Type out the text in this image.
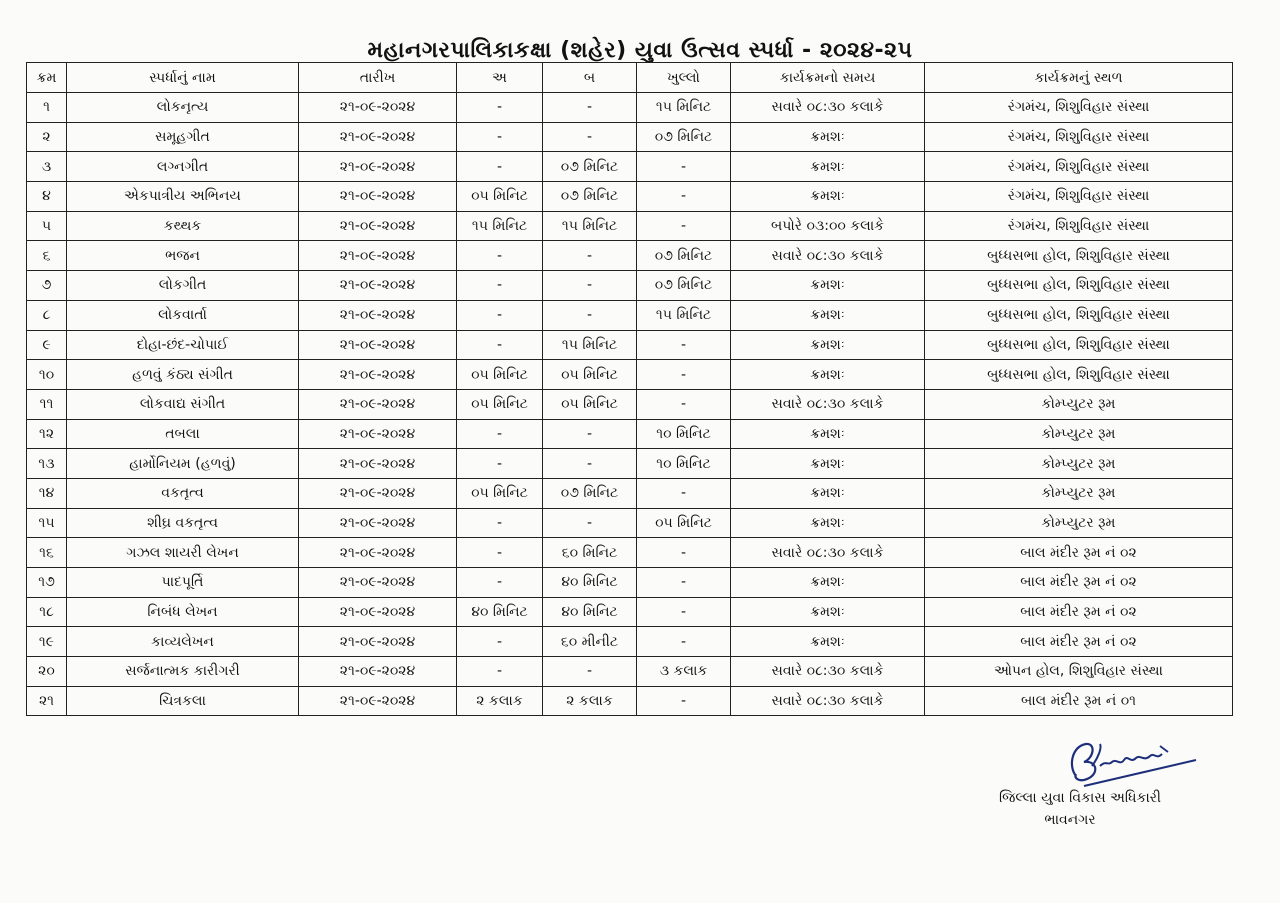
મહાનગરપાલિકાકક્ષા (શહેર) યુવા ઉત્સવ સ્પર્ધા - ૨૦૨૪-૨૫
ક્રમ	સ્પર્ધાનું નામ	તારીખ	અ	બ	ખુલ્લો	કાર્યક્રમનો સમય	કાર્યક્રમનું સ્થળ
૧	લોકનૃત્ય	૨૧-૦૯-૨૦૨૪	-	-	૧૫ મિનિટ	સવારે ૦૮:૩૦ કલાકે	રંગમંચ, શિશુવિહાર સંસ્થા
૨	સમૂહગીત	૨૧-૦૯-૨૦૨૪	-	-	૦૭ મિનિટ	ક્રમશઃ	રંગમંચ, શિશુવિહાર સંસ્થા
૩	લગ્નગીત	૨૧-૦૯-૨૦૨૪	-	૦૭ મિનિટ	-	ક્રમશઃ	રંગમંચ, શિશુવિહાર સંસ્થા
૪	એકપાત્રીય અભિનય	૨૧-૦૯-૨૦૨૪	૦૫ મિનિટ	૦૭ મિનિટ	-	ક્રમશઃ	રંગમંચ, શિશુવિહાર સંસ્થા
૫	કથ્થક	૨૧-૦૯-૨૦૨૪	૧૫ મિનિટ	૧૫ મિનિટ	-	બપોરે ૦૩:૦૦ કલાકે	રંગમંચ, શિશુવિહાર સંસ્થા
૬	ભજન	૨૧-૦૯-૨૦૨૪	-	-	૦૭ મિનિટ	સવારે ૦૮:૩૦ કલાકે	બુધ્ધસભા હોલ, શિશુવિહાર સંસ્થા
૭	લોકગીત	૨૧-૦૯-૨૦૨૪	-	-	૦૭ મિનિટ	ક્રમશઃ	બુધ્ધસભા હોલ, શિશુવિહાર સંસ્થા
૮	લોકવાર્તા	૨૧-૦૯-૨૦૨૪	-	-	૧૫ મિનિટ	ક્રમશઃ	બુધ્ધસભા હોલ, શિશુવિહાર સંસ્થા
૯	દોહા-છંદ-ચોપાઈ	૨૧-૦૯-૨૦૨૪	-	૧૫ મિનિટ	-	ક્રમશઃ	બુધ્ધસભા હોલ, શિશુવિહાર સંસ્થા
૧૦	હળવું કંઠ્ય સંગીત	૨૧-૦૯-૨૦૨૪	૦૫ મિનિટ	૦૫ મિનિટ	-	ક્રમશઃ	બુધ્ધસભા હોલ, શિશુવિહાર સંસ્થા
૧૧	લોકવાદ્ય સંગીત	૨૧-૦૯-૨૦૨૪	૦૫ મિનિટ	૦૫ મિનિટ	-	સવારે ૦૮:૩૦ કલાકે	કોમ્પ્યુટર રૂમ
૧૨	તબલા	૨૧-૦૯-૨૦૨૪	-	-	૧૦ મિનિટ	ક્રમશઃ	કોમ્પ્યુટર રૂમ
૧૩	હાર્મોનિયમ (હળવું)	૨૧-૦૯-૨૦૨૪	-	-	૧૦ મિનિટ	ક્રમશઃ	કોમ્પ્યુટર રૂમ
૧૪	વકતૃત્વ	૨૧-૦૯-૨૦૨૪	૦૫ મિનિટ	૦૭ મિનિટ	-	ક્રમશઃ	કોમ્પ્યુટર રૂમ
૧૫	શીઘ્ર વકતૃત્વ	૨૧-૦૯-૨૦૨૪	-	-	૦૫ મિનિટ	ક્રમશઃ	કોમ્પ્યુટર રૂમ
૧૬	ગઝલ શાયરી લેખન	૨૧-૦૯-૨૦૨૪	-	૬૦ મિનિટ	-	સવારે ૦૮:૩૦ કલાકે	બાલ મંદીર રૂમ નં ૦૨
૧૭	પાદપૂર્તિ	૨૧-૦૯-૨૦૨૪	-	૪૦ મિનિટ	-	ક્રમશઃ	બાલ મંદીર રૂમ નં ૦૨
૧૮	નિબંધ લેખન	૨૧-૦૯-૨૦૨૪	૪૦ મિનિટ	૪૦ મિનિટ	-	ક્રમશઃ	બાલ મંદીર રૂમ નં ૦૨
૧૯	કાવ્યલેખન	૨૧-૦૯-૨૦૨૪	-	૬૦ મીનીટ	-	ક્રમશઃ	બાલ મંદીર રૂમ નં ૦૨
૨૦	સર્જનાત્મક કારીગરી	૨૧-૦૯-૨૦૨૪	-	-	૩ કલાક	સવારે ૦૮:૩૦ કલાકે	ઓપન હોલ, શિશુવિહાર સંસ્થા
૨૧	ચિત્રકલા	૨૧-૦૯-૨૦૨૪	૨ કલાક	૨ કલાક	-	સવારે ૦૮:૩૦ કલાકે	બાલ મંદીર રૂમ નં ૦૧
જિલ્લા યુવા વિકાસ અધિકારી
ભાવનગર
